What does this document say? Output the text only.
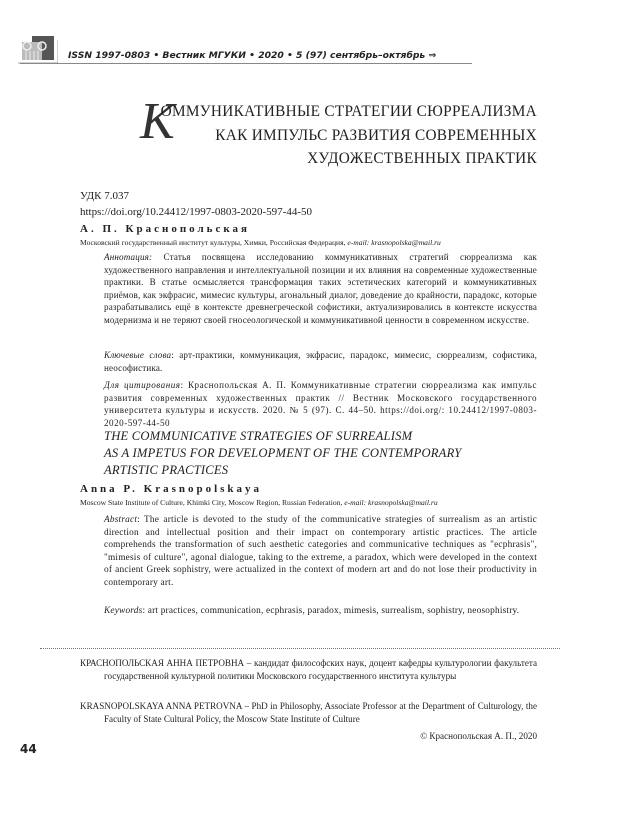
ISSN 1997-0803 • Вестник МГУКИ • 2020 • 5 (97) сентябрь–октябрь ⇒
К
ОММУНИКАТИВНЫЕ СТРАТЕГИИ СЮРРЕАЛИЗМА
КАК ИМПУЛЬС РАЗВИТИЯ СОВРЕМЕННЫХ
ХУДОЖЕСТВЕННЫХ ПРАКТИК
УДК 7.037
https://doi.org/10.24412/1997-0803-2020-597-44-50
А. П. Краснопольская
Московский государственный институт культуры, Химки, Российская Федерация, e-mail: krasnopolska@mail.ru

Аннотация: Статья посвящена исследованию коммуникативных стратегий сюрреализма как художественного направления и интеллектуальной позиции и их влияния на современные художественные практики. В статье осмысляется трансформация таких эстетических категорий и коммуникативных приёмов, как экфрасис, мимесис культуры, агональный диалог, доведение до крайности, парадокс, которые разрабатывались ещё в контексте древнегреческой софистики, актуализировались в контексте искусства модернизма и не теряют своей гносеологической и коммуникативной ценности в современном искусстве.

Ключевые слова: арт-практики, коммуникация, экфрасис, парадокс, мимесис, сюрреализм, софистика, неософистика.

Для цитирования: Краснопольская А. П. Коммуникативные стратегии сюрреализма как импульс развития современных художественных практик // Вестник Московского государственного университета культуры и искусств. 2020. № 5 (97). С. 44–50. https://doi.org/: 10.24412/1997-0803-2020-597-44-50

THE COMMUNICATIVE STRATEGIES OF SURREALISM
AS A IMPETUS FOR DEVELOPMENT OF THE CONTEMPORARY
ARTISTIC PRACTICES
Anna P. Krasnopolskaya
Moscow State Institute of Culture, Khimki City, Moscow Region, Russian Federation, e-mail: krasnopolska@mail.ru

Abstract: The article is devoted to the study of the communicative strategies of surrealism as an artistic direction and intellectual position and their impact on contemporary artistic practices. The article comprehends the transformation of such aesthetic categories and communicative techniques as "ecphrasis", "mimesis of culture", agonal dialogue, taking to the extreme, a paradox, which were developed in the context of ancient Greek sophistry, were actualized in the context of modern art and do not lose their productivity in contemporary art.

Keywords: art practices, communication, ecphrasis, paradox, mimesis, surrealism, sophistry, neosophistry.

КРАСНОПОЛЬСКАЯ АННА ПЕТРОВНА – кандидат философских наук, доцент кафедры культурологии факультета государственной культурной политики Московского государственного института культуры

KRASNOPOLSKAYA ANNA PETROVNA – PhD in Philosophy, Associate Professor at the Department of Culturology, the Faculty of State Cultural Policy, the Moscow State Institute of Culture

© Краснопольская А. П., 2020
44
